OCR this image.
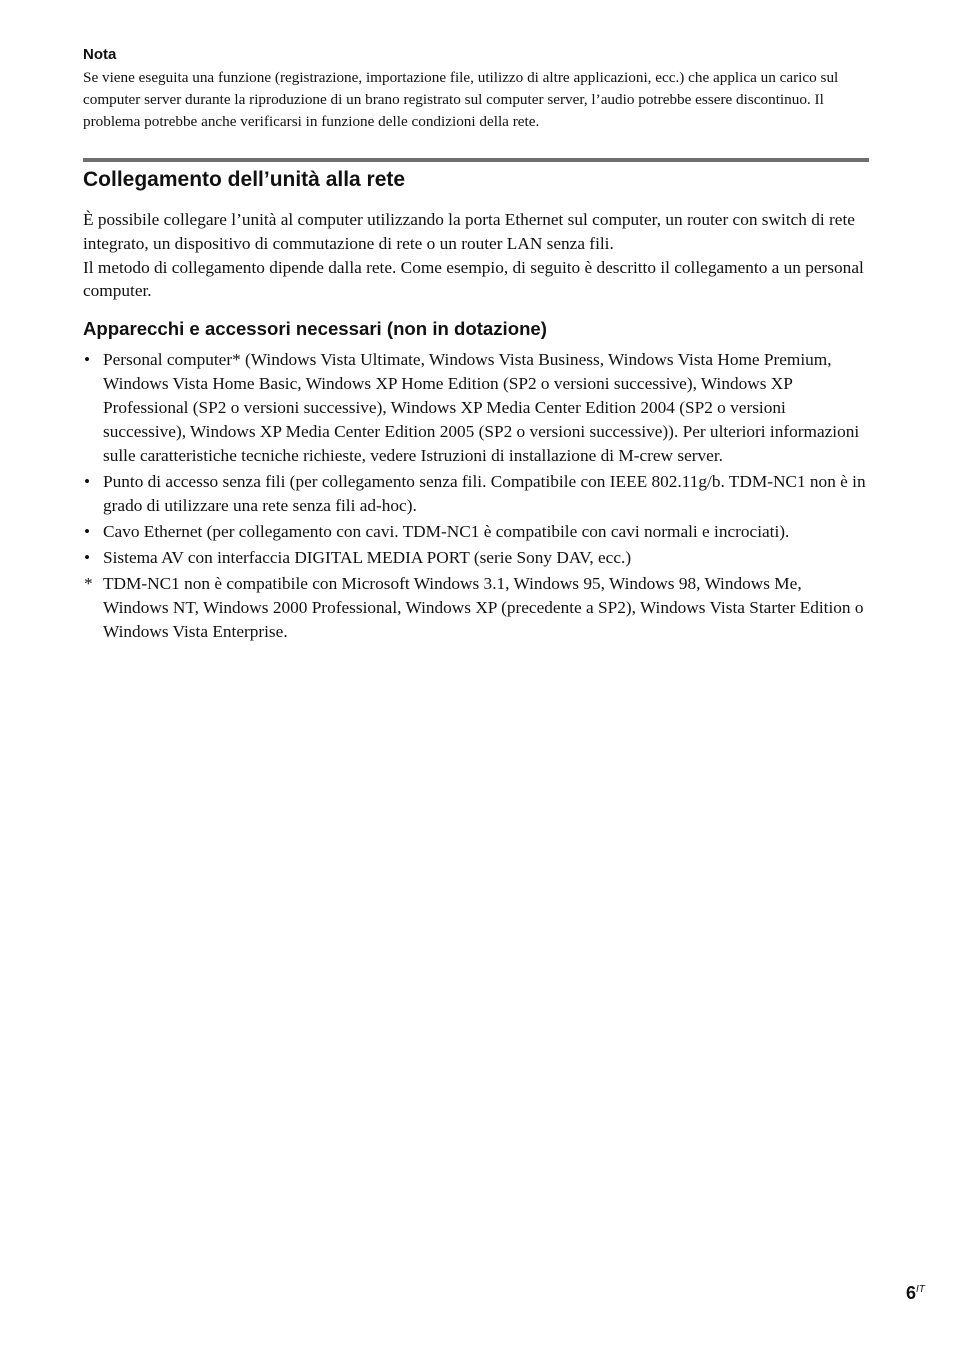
Nota
Se viene eseguita una funzione (registrazione, importazione file, utilizzo di altre applicazioni, ecc.) che applica un carico sul computer server durante la riproduzione di un brano registrato sul computer server, l’audio potrebbe essere discontinuo. Il problema potrebbe anche verificarsi in funzione delle condizioni della rete.
Collegamento dell’unità alla rete

È possibile collegare l’unità al computer utilizzando la porta Ethernet sul computer, un router con switch di rete integrato, un dispositivo di commutazione di rete o un router LAN senza fili.

Il metodo di collegamento dipende dalla rete. Come esempio, di seguito è descritto il collegamento a un personal computer.

Apparecchi e accessori necessari (non in dotazione)
• Personal computer* (Windows Vista Ultimate, Windows Vista Business, Windows Vista Home Premium, Windows Vista Home Basic, Windows XP Home Edition (SP2 o versioni successive), Windows XP Professional (SP2 o versioni successive), Windows XP Media Center Edition 2004 (SP2 o versioni successive), Windows XP Media Center Edition 2005 (SP2 o versioni successive)). Per ulteriori informazioni sulle caratteristiche tecniche richieste, vedere Istruzioni di installazione di M-crew server.
• Punto di accesso senza fili (per collegamento senza fili. Compatibile con IEEE 802.11g/b. TDM-NC1 non è in grado di utilizzare una rete senza fili ad-hoc).
• Cavo Ethernet (per collegamento con cavi. TDM-NC1 è compatibile con cavi normali e incrociati).
• Sistema AV con interfaccia DIGITAL MEDIA PORT (serie Sony DAV, ecc.)
* TDM-NC1 non è compatibile con Microsoft Windows 3.1, Windows 95, Windows 98, Windows Me, Windows NT, Windows 2000 Professional, Windows XP (precedente a SP2), Windows Vista Starter Edition o Windows Vista Enterprise.
$6^{IT}$
